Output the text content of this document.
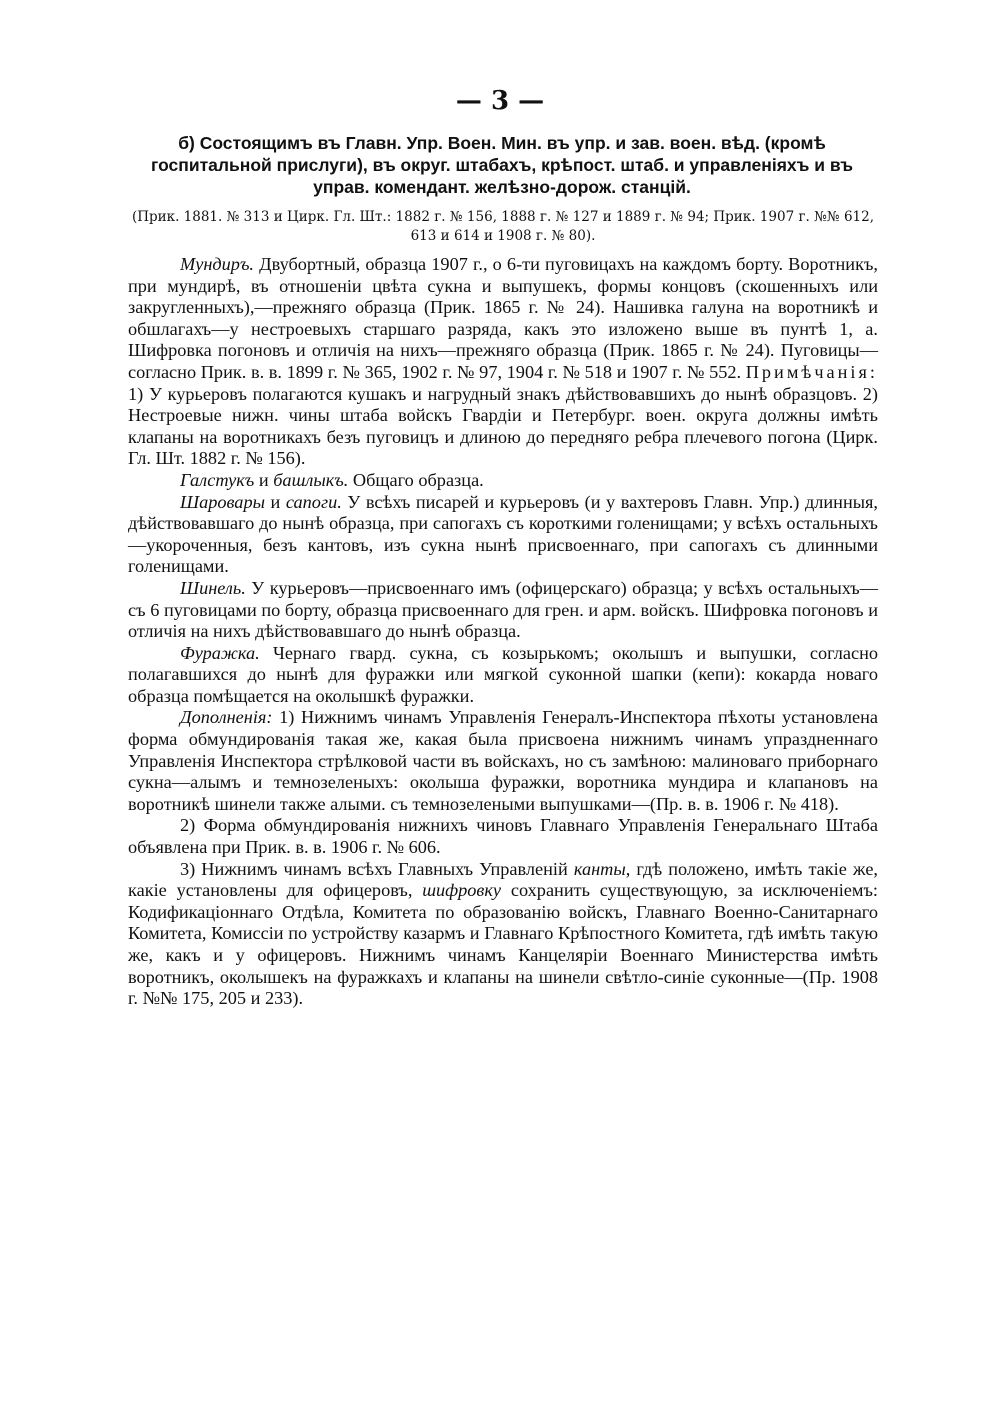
— 3 —
б) Состоящимъ въ Главн. Упр. Воен. Мин. въ упр. и зав. воен. вѣд. (кромѣ госпитальной прислуги), въ округ. штабахъ, крѣпост. штаб. и управленіяхъ и въ управ. комендант. желѣзно-дорож. станцій.
(Прик. 1881. № 313 и Цирк. Гл. Шт.: 1882 г. № 156, 1888 г. № 127 и 1889 г. № 94; Прик. 1907 г. №№ 612, 613 и 614 и 1908 г. № 80).

Мундиръ. Двубортный, образца 1907 г., о 6-ти пуговицахъ на каждомъ борту. Воротникъ, при мундирѣ, въ отношеніи цвѣта сукна и выпушекъ, формы концовъ (скошенныхъ или закругленныхъ),—прежняго образца (Прик. 1865 г. № 24). Нашивка галуна на воротникѣ и обшлагахъ—у нестроевыхъ старшаго разряда, какъ это изложено выше въ пунтѣ 1, а. Шифровка погоновъ и отличія на нихъ—прежняго образца (Прик. 1865 г. № 24). Пуговицы—согласно Прик. в. в. 1899 г. № 365, 1902 г. № 97, 1904 г. № 518 и 1907 г. № 552. Примѣчанія: 1) У курьеровъ полагаются кушакъ и нагрудный знакъ дѣйствовавшихъ до нынѣ образцовъ. 2) Нестроевые нижн. чины штаба войскъ Гвардіи и Петербург. воен. округа должны имѣть клапаны на воротникахъ безъ пуговицъ и длиною до передняго ребра плечевого погона (Цирк. Гл. Шт. 1882 г. № 156).

Галстукъ и башлыкъ. Общаго образца.

Шаровары и сапоги. У всѣхъ писарей и курьеровъ (и у вахтеровъ Главн. Упр.) длинныя, дѣйствовавшаго до нынѣ образца, при сапогахъ съ короткими голенищами; у всѣхъ остальныхъ—укороченныя, безъ кантовъ, изъ сукна нынѣ присвоеннаго, при сапогахъ съ длинными голенищами.

Шинель. У курьеровъ—присвоеннаго имъ (офицерскаго) образца; у всѣхъ остальныхъ—съ 6 пуговицами по борту, образца присвоеннаго для грен. и арм. войскъ. Шифровка погоновъ и отличія на нихъ дѣйствовавшаго до нынѣ образца.

Фуражка. Чернаго гвард. сукна, съ козырькомъ; околышъ и выпушки, согласно полагавшихся до нынѣ для фуражки или мягкой суконной шапки (кепи): кокарда новаго образца помѣщается на околышкѣ фуражки.

Дополненія: 1) Нижнимъ чинамъ Управленія Генералъ-Инспектора пѣхоты установлена форма обмундированія такая же, какая была присвоена нижнимъ чинамъ упраздненнаго Управленія Инспектора стрѣлковой части въ войскахъ, но съ замѣною: малиноваго приборнаго сукна—алымъ и темнозеленыхъ: околыша фуражки, воротника мундира и клапановъ на воротникѣ шинели также алыми. съ темнозелеными выпушками—(Пр. в. в. 1906 г. № 418).

2) Форма обмундированія нижнихъ чиновъ Главнаго Управленія Генеральнаго Штаба объявлена при Прик. в. в. 1906 г. № 606.

3) Нижнимъ чинамъ всѣхъ Главныхъ Управленій канты, гдѣ положено, имѣть такіе же, какіе установлены для офицеровъ, шифровку сохранить существующую, за исключеніемъ: Кодификаціоннаго Отдѣла, Комитета по образованію войскъ, Главнаго Военно-Санитарнаго Комитета, Комиссіи по устройству казармъ и Главнаго Крѣпостного Комитета, гдѣ имѣть такую же, какъ и у офицеровъ. Нижнимъ чинамъ Канцеляріи Военнаго Министерства имѣть воротникъ, околышекъ на фуражкахъ и клапаны на шинели свѣтло-синіе суконные—(Пр. 1908 г. №№ 175, 205 и 233).
